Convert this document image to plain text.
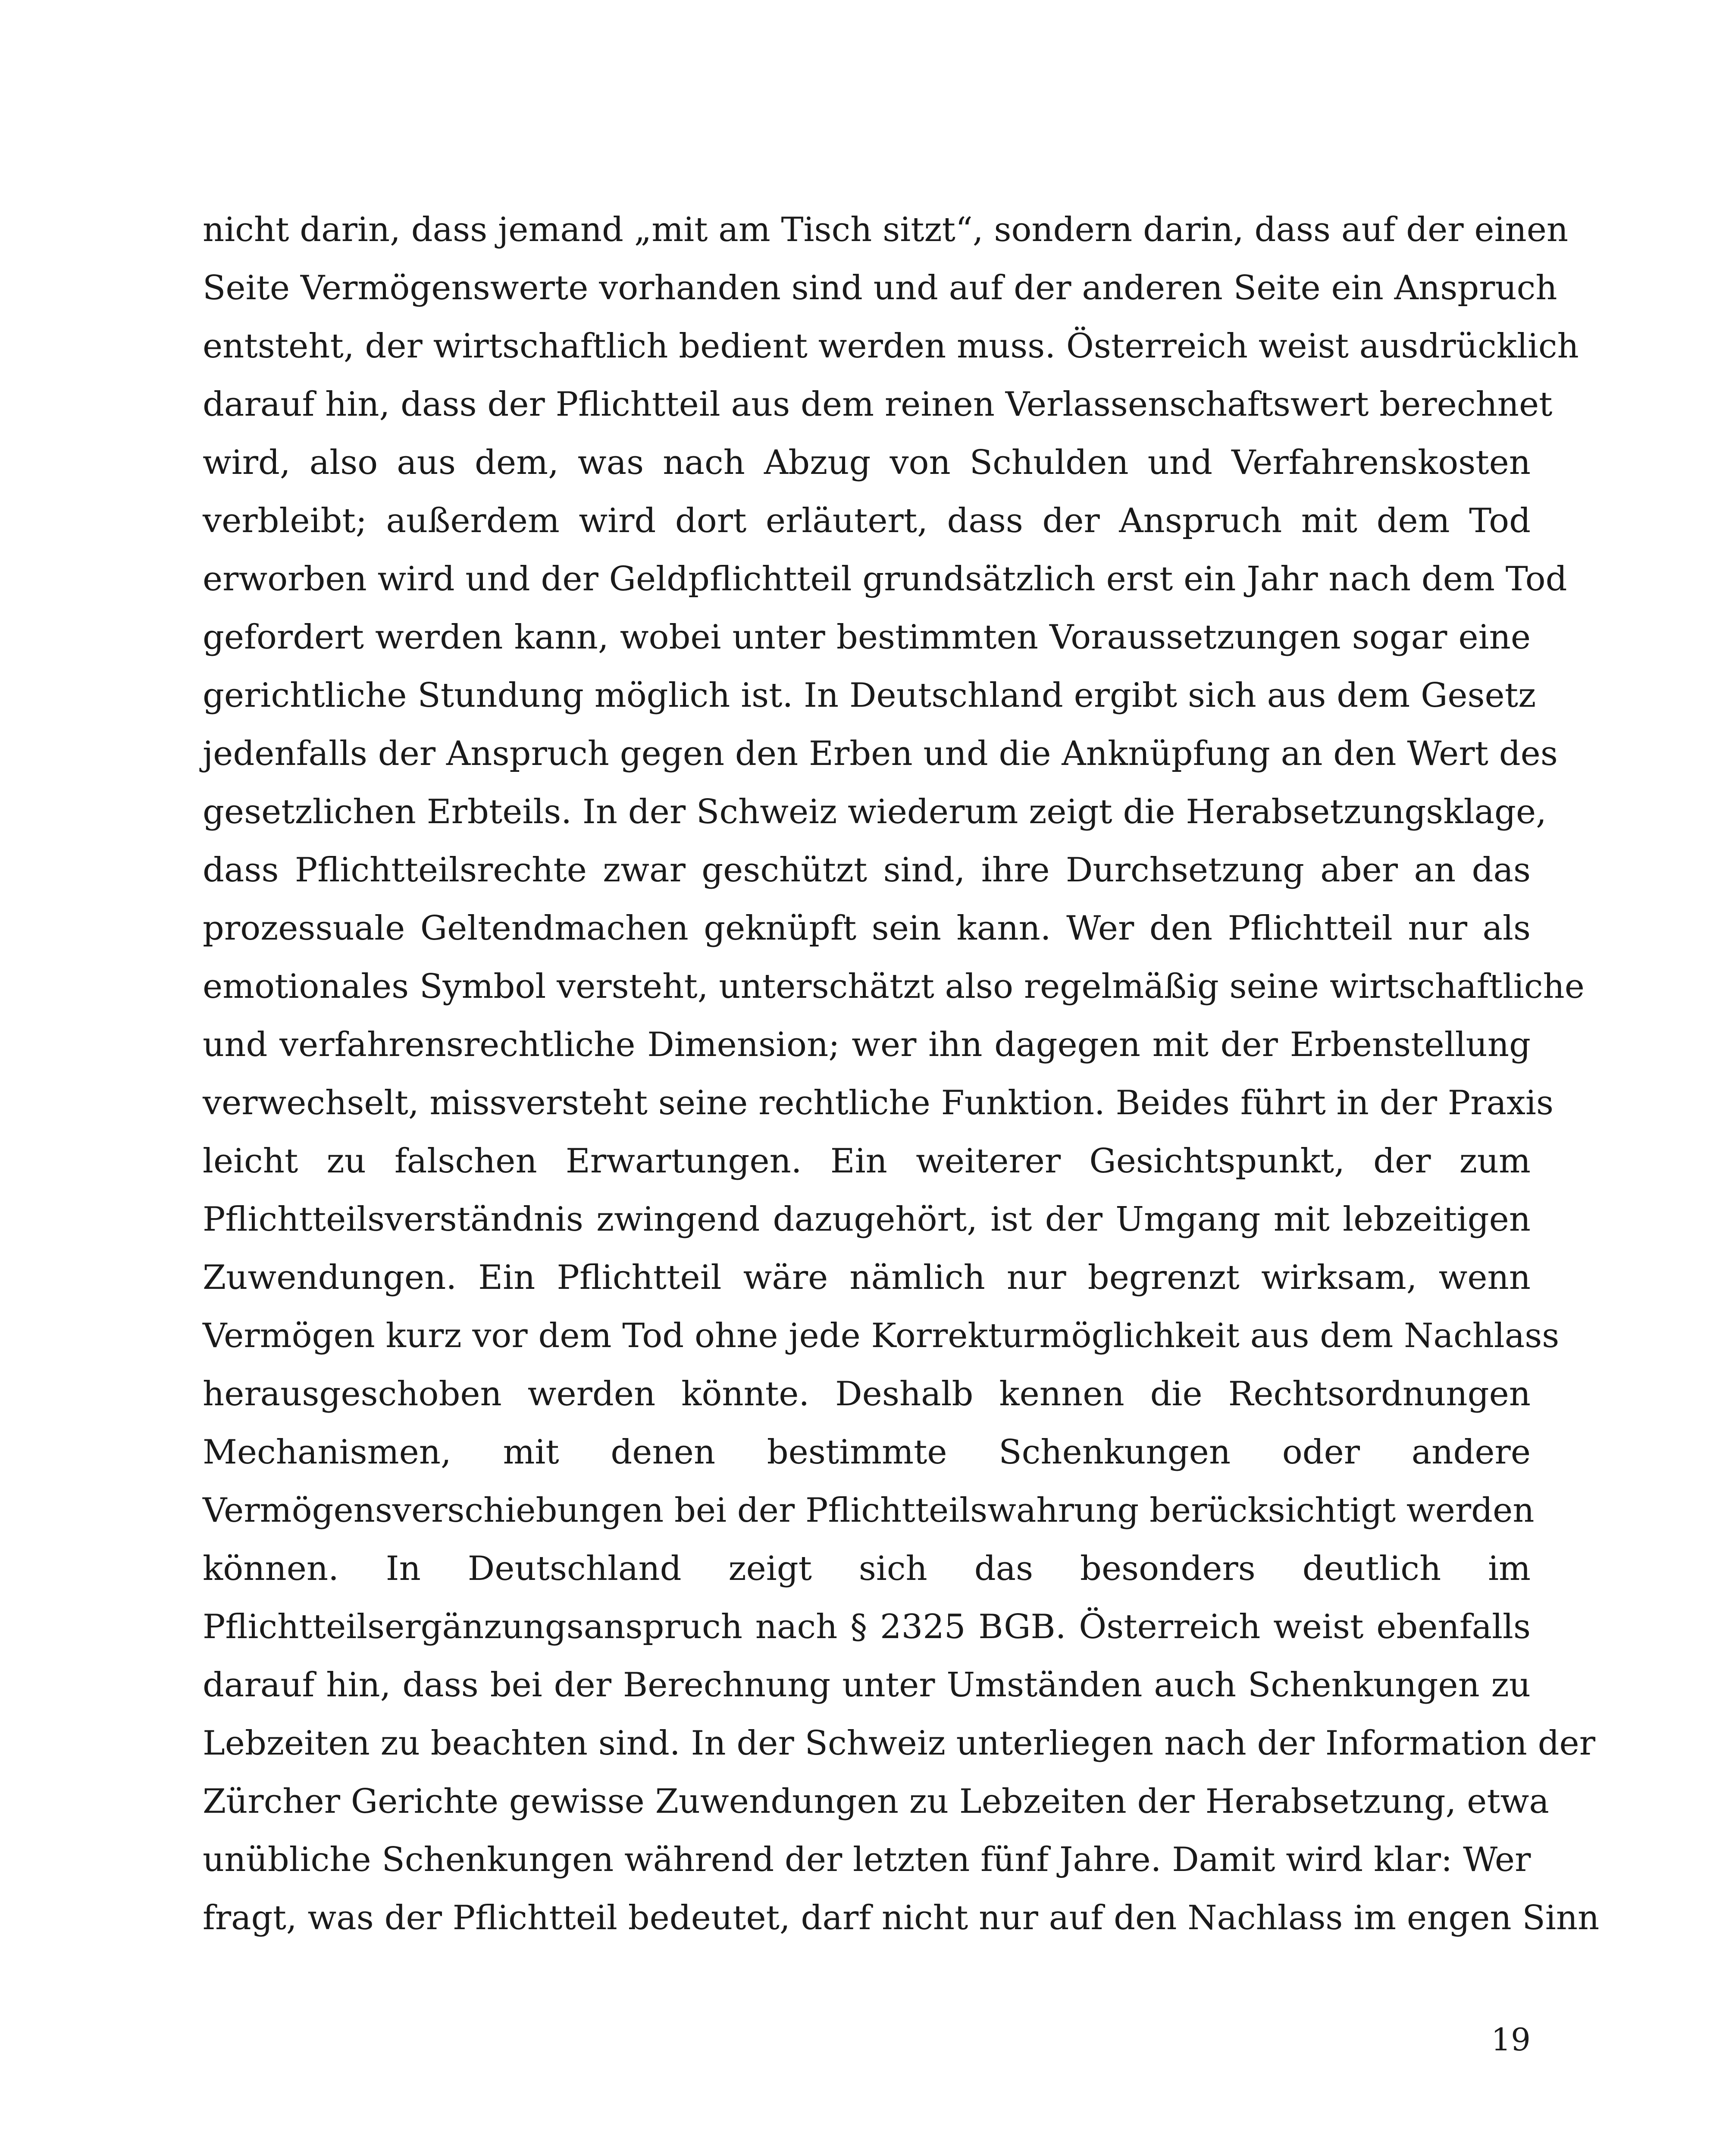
nicht darin, dass jemand „mit am Tisch sitzt“, sondern darin, dass auf der einen
Seite Vermögenswerte vorhanden sind und auf der anderen Seite ein Anspruch
entsteht, der wirtschaftlich bedient werden muss. Österreich weist ausdrücklich
darauf hin, dass der Pflichtteil aus dem reinen Verlassenschaftswert berechnet
wird, also aus dem, was nach Abzug von Schulden und Verfahrenskosten
verbleibt; außerdem wird dort erläutert, dass der Anspruch mit dem Tod
erworben wird und der Geldpflichtteil grundsätzlich erst ein Jahr nach dem Tod
gefordert werden kann, wobei unter bestimmten Voraussetzungen sogar eine
gerichtliche Stundung möglich ist. In Deutschland ergibt sich aus dem Gesetz
jedenfalls der Anspruch gegen den Erben und die Anknüpfung an den Wert des
gesetzlichen Erbteils. In der Schweiz wiederum zeigt die Herabsetzungsklage,
dass Pflichtteilsrechte zwar geschützt sind, ihre Durchsetzung aber an das
prozessuale Geltendmachen geknüpft sein kann. Wer den Pflichtteil nur als
emotionales Symbol versteht, unterschätzt also regelmäßig seine wirtschaftliche
und verfahrensrechtliche Dimension; wer ihn dagegen mit der Erbenstellung
verwechselt, missversteht seine rechtliche Funktion. Beides führt in der Praxis
leicht zu falschen Erwartungen. Ein weiterer Gesichtspunkt, der zum
Pflichtteilsverständnis zwingend dazugehört, ist der Umgang mit lebzeitigen
Zuwendungen. Ein Pflichtteil wäre nämlich nur begrenzt wirksam, wenn
Vermögen kurz vor dem Tod ohne jede Korrekturmöglichkeit aus dem Nachlass
herausgeschoben werden könnte. Deshalb kennen die Rechtsordnungen
Mechanismen, mit denen bestimmte Schenkungen oder andere
Vermögensverschiebungen bei der Pflichtteilswahrung berücksichtigt werden
können. In Deutschland zeigt sich das besonders deutlich im
Pflichtteilsergänzungsanspruch nach § 2325 BGB. Österreich weist ebenfalls
darauf hin, dass bei der Berechnung unter Umständen auch Schenkungen zu
Lebzeiten zu beachten sind. In der Schweiz unterliegen nach der Information der
Zürcher Gerichte gewisse Zuwendungen zu Lebzeiten der Herabsetzung, etwa
unübliche Schenkungen während der letzten fünf Jahre. Damit wird klar: Wer
fragt, was der Pflichtteil bedeutet, darf nicht nur auf den Nachlass im engen Sinn
19
